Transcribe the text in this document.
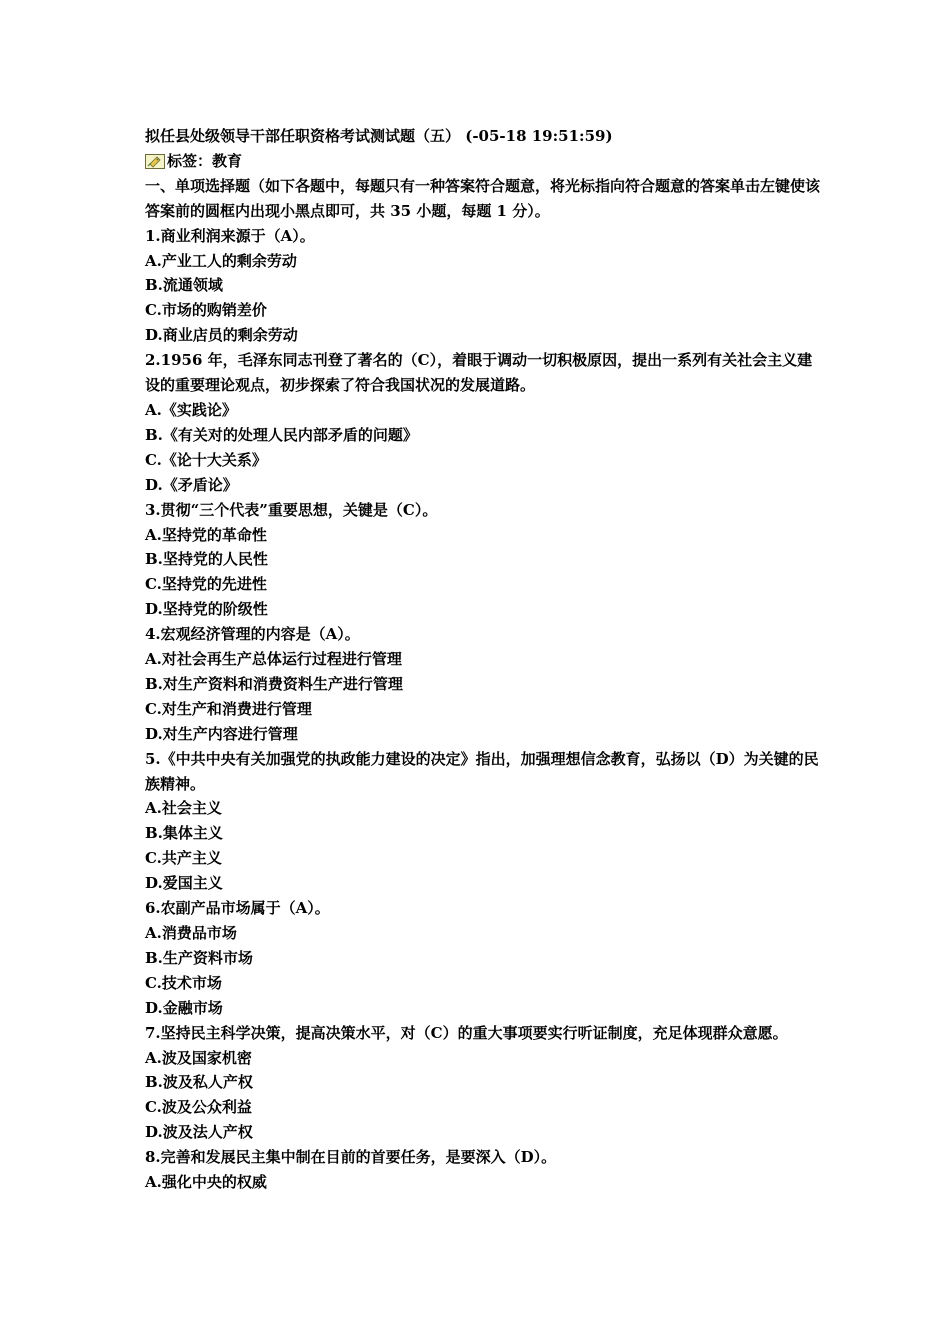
拟任县处级领导干部任职资格考试测试题（五） (-05-18 19:51:59)
标签： 教育
一、单项选择题（如下各题中，每题只有一种答案符合题意，将光标指向符合题意的答案单击左键使该答案前的圆框内出现小黑点即可，共 35 小题，每题 1 分）。
1.商业利润来源于（A）。
A.产业工人的剩余劳动
B.流通领域
C.市场的购销差价
D.商业店员的剩余劳动
2.1956 年，毛泽东同志刊登了著名的（C），着眼于调动一切积极原因，提出一系列有关社会主义建设的重要理论观点，初步探索了符合我国状况的发展道路。
A.《实践论》
B.《有关对的处理人民内部矛盾的问题》
C.《论十大关系》
D.《矛盾论》
3.贯彻“三个代表”重要思想，关键是（C）。
A.坚持党的革命性
B.坚持党的人民性
C.坚持党的先进性
D.坚持党的阶级性
4.宏观经济管理的内容是（A）。
A.对社会再生产总体运行过程进行管理
B.对生产资料和消费资料生产进行管理
C.对生产和消费进行管理
D.对生产内容进行管理
5.《中共中央有关加强党的执政能力建设的决定》指出，加强理想信念教育，弘扬以（D）为关键的民族精神。
A.社会主义
B.集体主义
C.共产主义
D.爱国主义
6.农副产品市场属于（A）。
A.消费品市场
B.生产资料市场
C.技术市场
D.金融市场
7.坚持民主科学决策，提高决策水平，对（C）的重大事项要实行听证制度，充足体现群众意愿。
A.波及国家机密
B.波及私人产权
C.波及公众利益
D.波及法人产权
8.完善和发展民主集中制在目前的首要任务，是要深入（D）。
A.强化中央的权威
